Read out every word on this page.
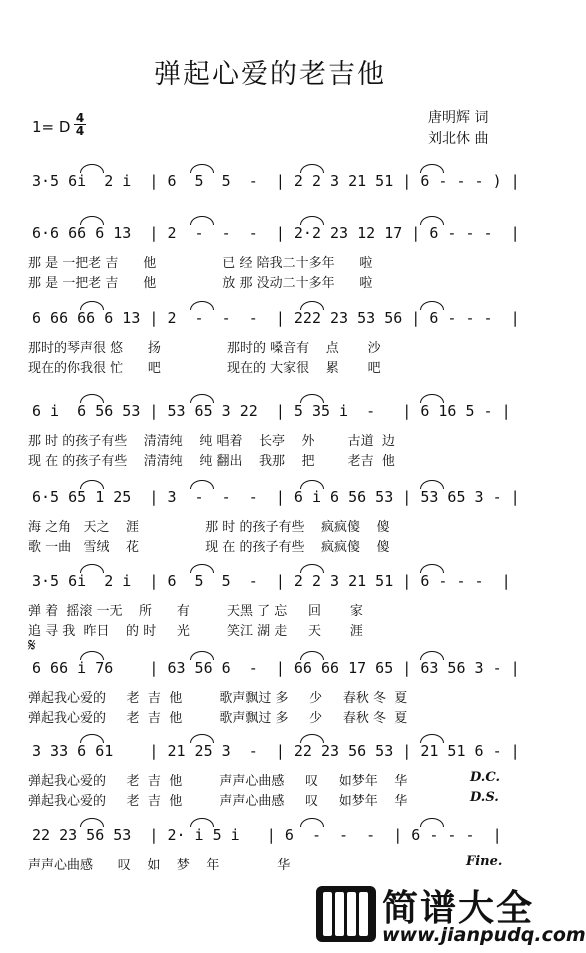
弹起心爱的老吉他
1= D 4
4
唐明辉 词
刘北休 曲
3·5 6i  2 i  | 6  5  5  -  | 2 2 3 21 51 | 6 - - - ) |
6·6 66 6 13  | 2  -  -  -  | 2·2 23 12 17 | 6 - - -  |
那 是 一把老 吉      他                已 经 陪我二十多年      啦
那 是 一把老 吉      他                放 那 没动二十多年      啦
6 66 66 6 13 | 2  -  -  -  | 222 23 53 56 | 6 - - -  |
那时的琴声很 悠      扬                那时的 嗓音有    点       沙
现在的你我很 忙      吧                现在的 大家很    累       吧
6 i  6 56 53 | 53 65 3 22  | 5 35 i  -   | 6 16 5 - |
那 时 的孩子有些    清清纯    纯 唱着    长亭    外        古道  边
现 在 的孩子有些    清清纯    纯 翻出    我那    把        老吉  他
6·5 65 1 25  | 3  -  -  -  | 6 i 6 56 53 | 53 65 3 - |
海 之角   天之    涯                那 时 的孩子有些    疯疯傻    傻
歌 一曲   雪绒    花                现 在 的孩子有些    疯疯傻    傻
3·5 6i  2 i  | 6  5  5  -  | 2 2 3 21 51 | 6 - - -  |
弹 着  摇滚 一无    所      有         天黑 了 忘     回       家
追 寻 我  昨日    的 时     光         笑江 湖 走     天       涯
6 66 i 76    | 63 56 6  -  | 66 66 17 65 | 63 56 3 - |
弹起我心爱的     老  吉  他         歌声飘过 多     少     春秋 冬  夏
弹起我心爱的     老  吉  他         歌声飘过 多     少     春秋 冬  夏
3 33 6 61    | 21 25 3  -  | 22 23 56 53 | 21 51 6 - |
弹起我心爱的     老  吉  他         声声心曲感     叹     如梦年    华
弹起我心爱的     老  吉  他         声声心曲感     叹     如梦年    华
D.C.
D.S.
22 23 56 53  | 2· i 5 i   | 6  -  -  -  | 6 - - -  |
声声心曲感      叹    如    梦    年              华	Fine.
𝄋
简谱大全
www.jianpudq.com
